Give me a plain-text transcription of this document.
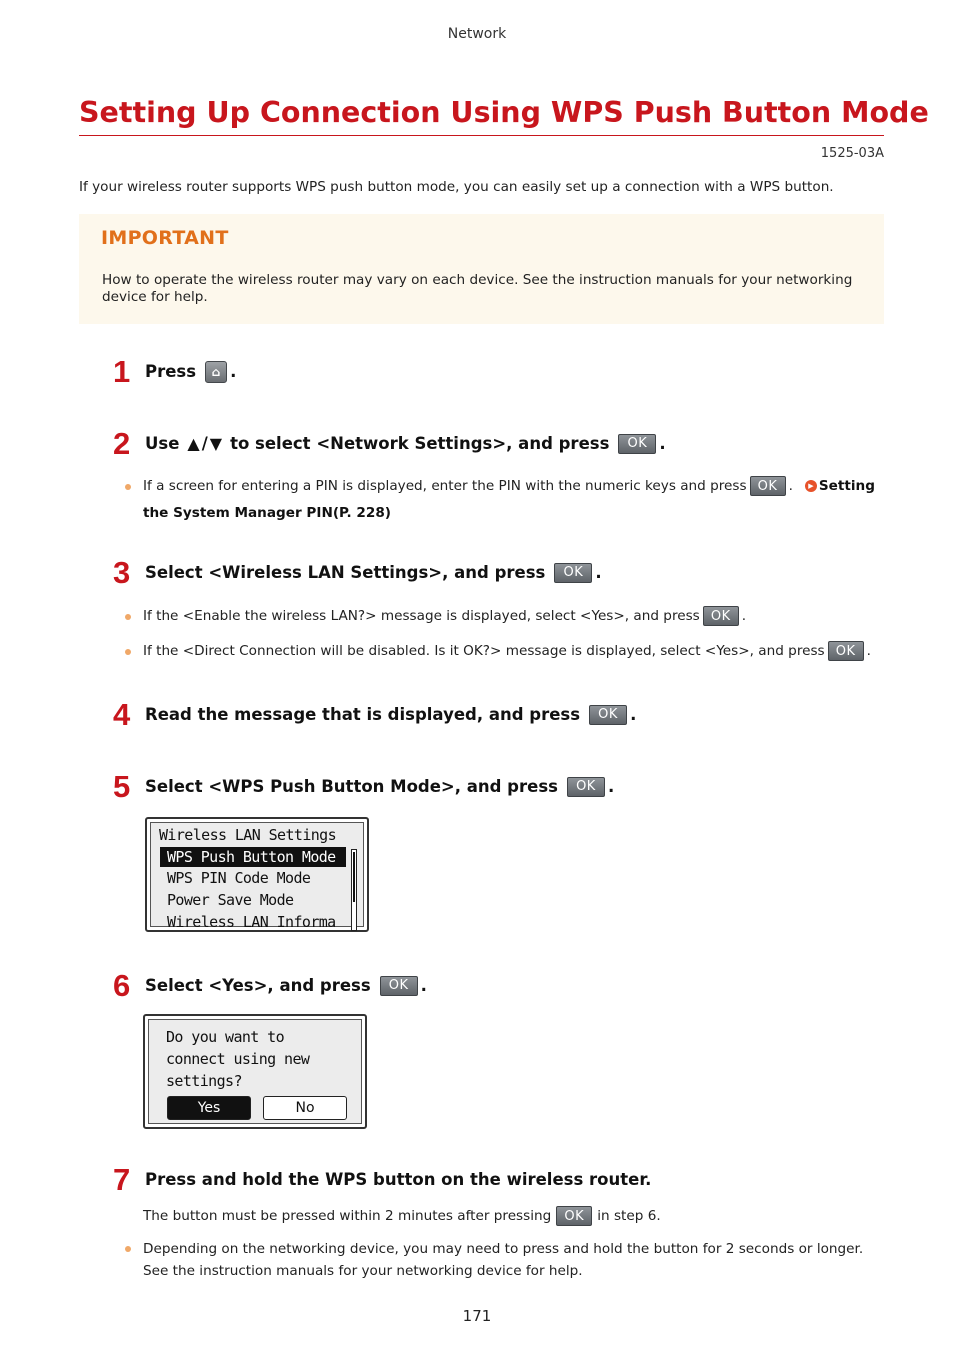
Network
Setting Up Connection Using WPS Push Button Mode
1525-03A
If your wireless router supports WPS push button mode, you can easily set up a connection with a WPS button.
IMPORTANT
How to operate the wireless router may vary on each device. See the instruction manuals for your networking device for help.
1 Press	⌂ .
2 Use ▲ / ▼ to select <Network Settings>, and press	OK .
If a screen for entering a PIN is displayed, enter the PIN with the numeric keys and press OK .	▶ Setting
the System Manager PIN(P. 228)
3 Select <Wireless LAN Settings>, and press	OK .
If the <Enable the wireless LAN?> message is displayed, select <Yes>, and press OK .
If the <Direct Connection will be disabled. Is it OK?> message is displayed, select <Yes>, and press OK .
4 Read the message that is displayed, and press	OK .
5 Select <WPS Push Button Mode>, and press	OK .
Wireless LAN Settings
WPS Push Button Mode
WPS PIN Code Mode
Power Save Mode
Wireless LAN Informa
6 Select <Yes>, and press	OK .
Do you want to
connect using new
settings?
Yes	No
7 Press and hold the WPS button on the wireless router.
The button must be pressed within 2 minutes after pressing	OK in step 6.
Depending on the networking device, you may need to press and hold the button for 2 seconds or longer. See the instruction manuals for your networking device for help.
171
